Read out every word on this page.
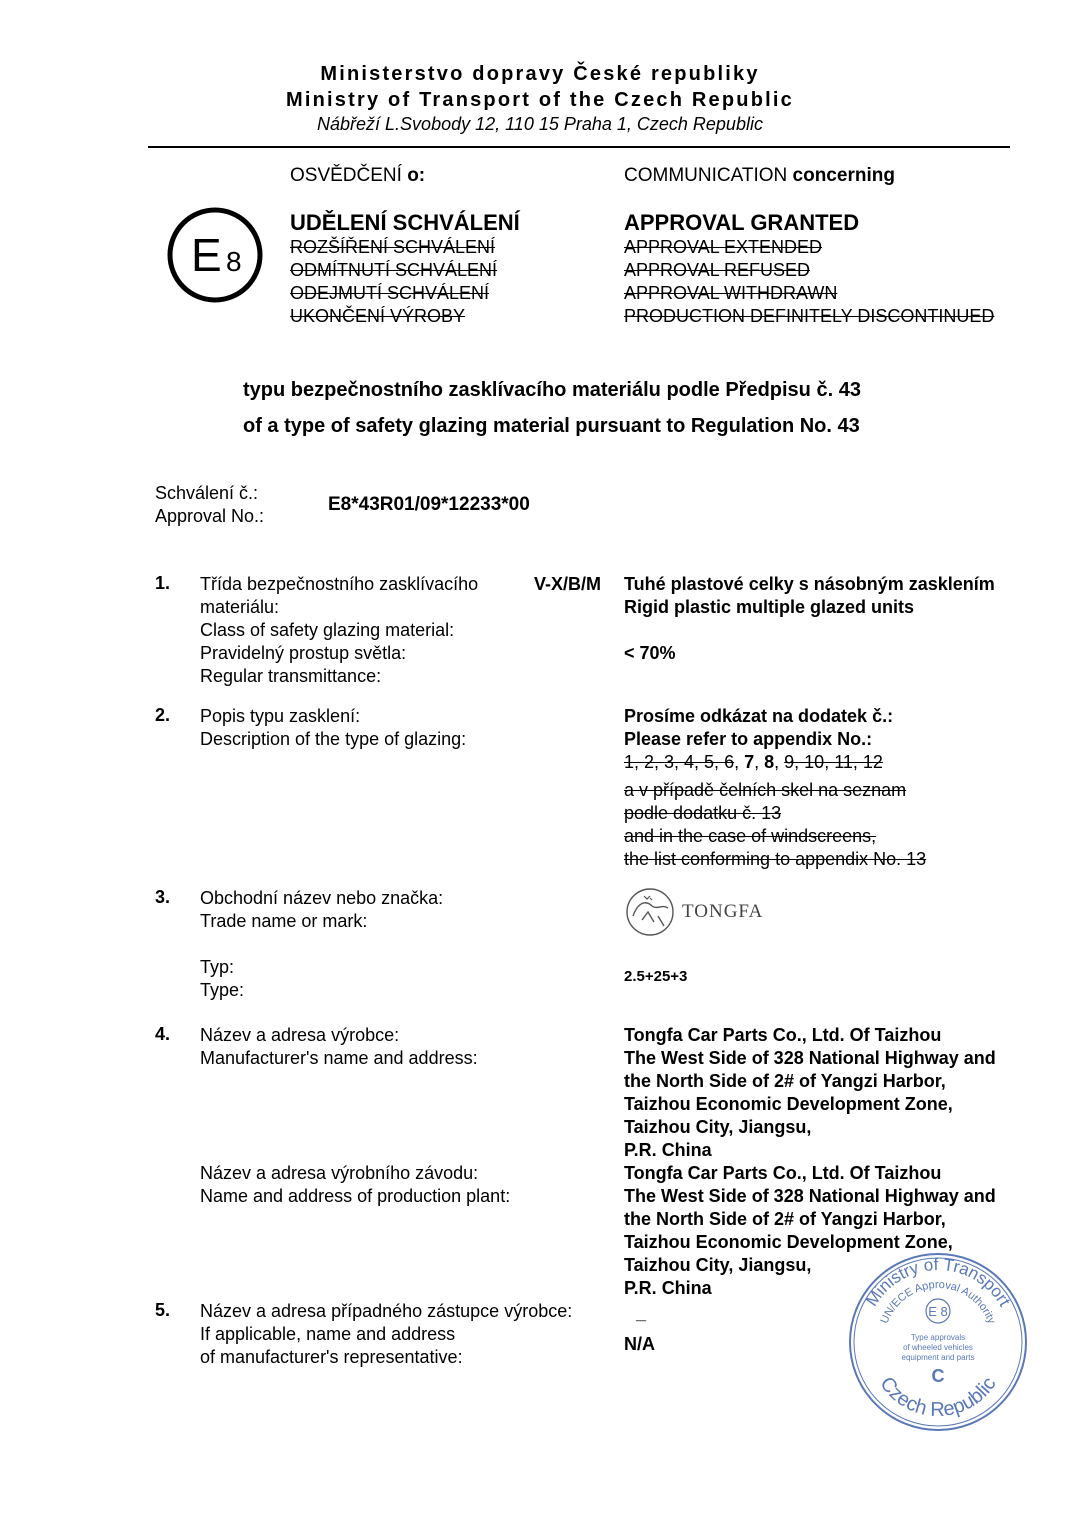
Ministerstvo dopravy České republiky
Ministry of Transport of the Czech Republic
Nábřeží L.Svobody 12, 110 15 Praha 1, Czech Republic
E 8
OSVĚDČENÍ o:
UDĚLENÍ SCHVÁLENÍ
ROZŠÍŘENÍ SCHVÁLENÍ
ODMÍTNUTÍ SCHVÁLENÍ
ODEJMUTÍ SCHVÁLENÍ
UKONČENÍ VÝROBY
COMMUNICATION concerning
APPROVAL GRANTED
APPROVAL EXTENDED
APPROVAL REFUSED
APPROVAL WITHDRAWN
PRODUCTION DEFINITELY DISCONTINUED
typu bezpečnostního zasklívacího materiálu podle Předpisu č. 43
of a type of safety glazing material pursuant to Regulation No. 43
Schválení č.:
Approval No.:
E8*43R01/09*12233*00
1. Třída bezpečnostního zasklívacího
materiálu:
Class of safety glazing material:
Pravidelný prostup světla:
Regular transmittance:
V-X/B/M Tuhé plastové celky s násobným zasklením
Rigid plastic multiple glazed units
< 70%
2. Popis typu zasklení:
Description of the type of glazing:
Prosíme odkázat na dodatek č.:
Please refer to appendix No.:
1, 2, 3, 4, 5, 6, 7, 8, 9, 10, 11, 12
a v případě čelních skel na seznam
podle dodatku č. 13
and in the case of windscreens,
the list conforming to appendix No. 13
3. Obchodní název nebo značka:
Trade name or mark:	TONGFA
Typ:
Type:
2.5+25+3
4. Název a adresa výrobce:
Manufacturer's name and address:
Tongfa Car Parts Co., Ltd. Of Taizhou
The West Side of 328 National Highway and
the North Side of 2# of Yangzi Harbor,
Taizhou Economic Development Zone,
Taizhou City, Jiangsu,
P.R. China
Název a adresa výrobního závodu:
Name and address of production plant:
Tongfa Car Parts Co., Ltd. Of Taizhou
The West Side of 328 National Highway and
the North Side of 2# of Yangzi Harbor,
Taizhou Economic Development Zone,
Taizhou City, Jiangsu,
P.R. China
5. Název a adresa případného zástupce výrobce:
If applicable, name and address
of manufacturer's representative:
_
N/A
Ministry of Transport
UN/ECE Approval Authority
Czech Republic
E 8
Type approvals
of wheeled vehicles
equipment and parts
C
